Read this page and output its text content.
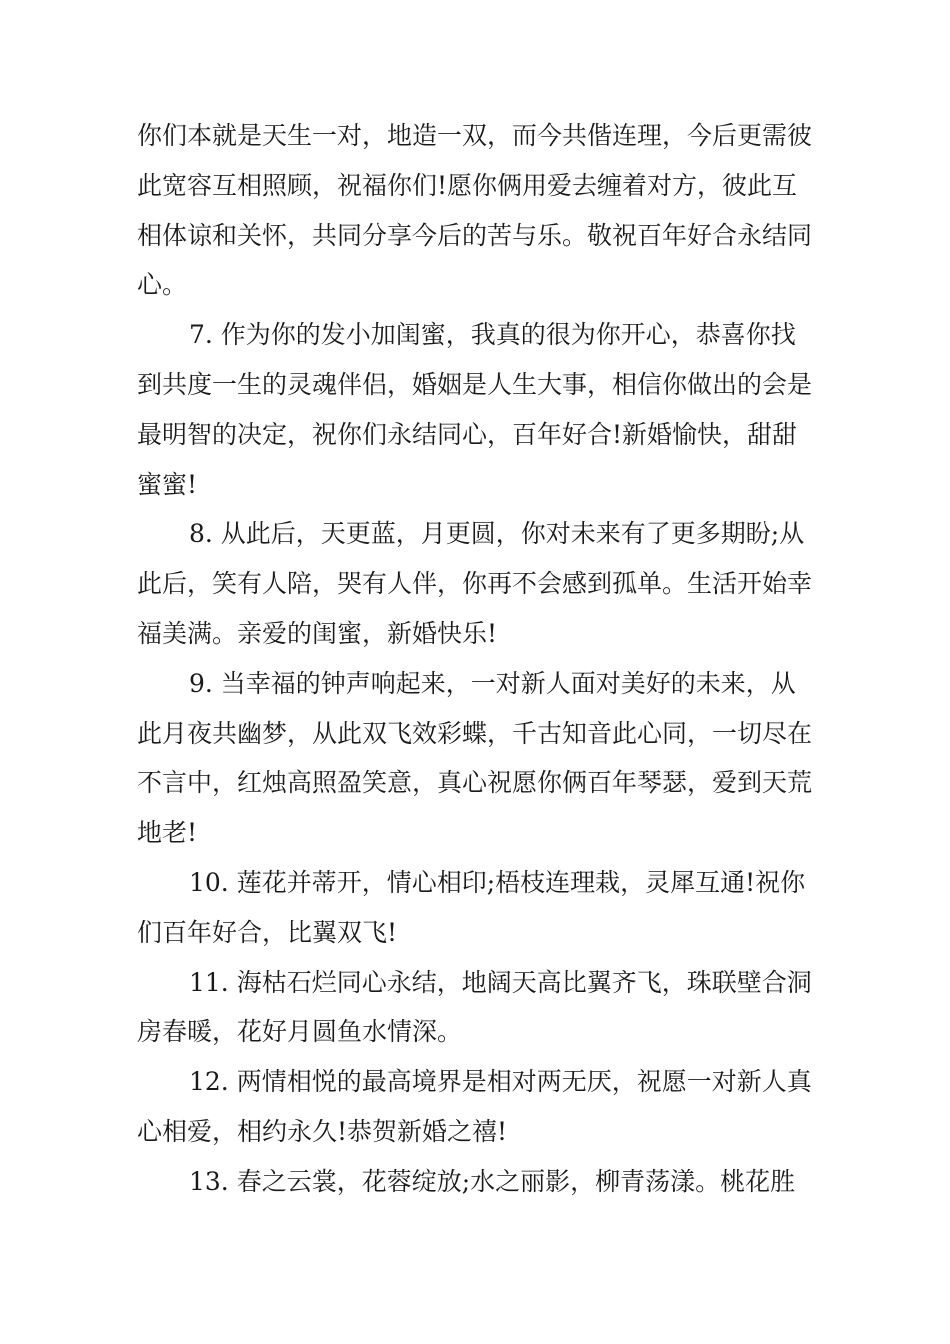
你们本就是天生一对，地造一双，而今共偕连理，今后更需彼
此宽容互相照顾，祝福你们!愿你俩用爱去缠着对方，彼此互
相体谅和关怀，共同分享今后的苦与乐。敬祝百年好合永结同
心。
7. 作为你的发小加闺蜜，我真的很为你开心，恭喜你找
到共度一生的灵魂伴侣，婚姻是人生大事，相信你做出的会是
最明智的决定，祝你们永结同心，百年好合!新婚愉快，甜甜
蜜蜜!
8. 从此后，天更蓝，月更圆，你对未来有了更多期盼;从
此后，笑有人陪，哭有人伴，你再不会感到孤单。生活开始幸
福美满。亲爱的闺蜜，新婚快乐!
9. 当幸福的钟声响起来，一对新人面对美好的未来，从
此月夜共幽梦，从此双飞效彩蝶，千古知音此心同，一切尽在
不言中，红烛高照盈笑意，真心祝愿你俩百年琴瑟，爱到天荒
地老!
10. 莲花并蒂开，情心相印;梧枝连理栽，灵犀互通!祝你
们百年好合，比翼双飞!
11. 海枯石烂同心永结，地阔天高比翼齐飞，珠联壁合洞
房春暖，花好月圆鱼水情深。
12. 两情相悦的最高境界是相对两无厌，祝愿一对新人真
心相爱，相约永久!恭贺新婚之禧!
13. 春之云裳，花蓉绽放;水之丽影，柳青荡漾。桃花胜
